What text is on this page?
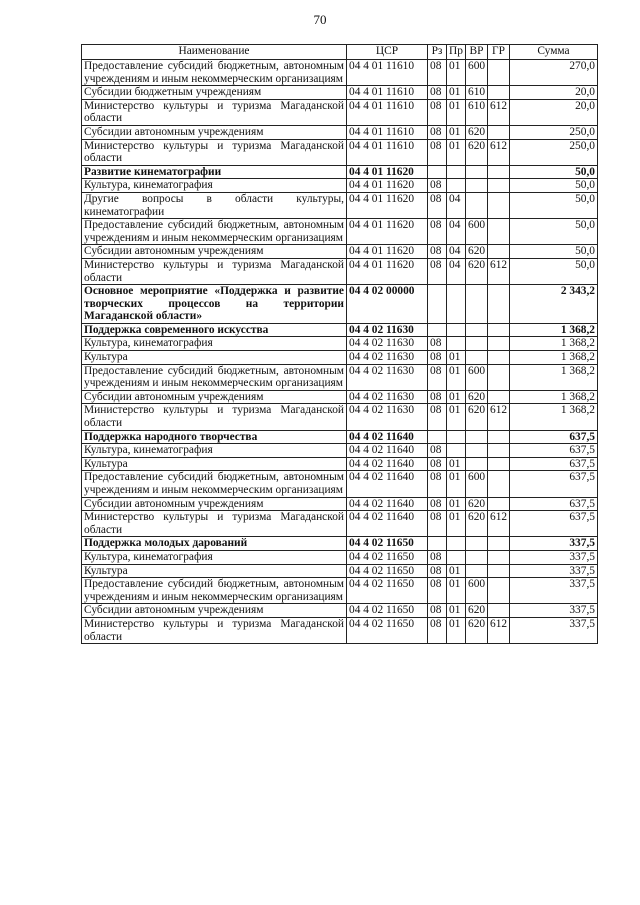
70
Наименование	ЦСР	Рз	Пр	ВР	ГР	Сумма
Предоставление субсидий бюджетным, автономным учреждениям и иным некоммерческим организациям	04 4 01 11610	08	01	600		270,0
Субсидии бюджетным учреждениям	04 4 01 11610	08	01	610		20,0
Министерство культуры и туризма Магаданской области	04 4 01 11610	08	01	610	612	20,0
Субсидии автономным учреждениям	04 4 01 11610	08	01	620		250,0
Министерство культуры и туризма Магаданской области	04 4 01 11610	08	01	620	612	250,0
Развитие кинематографии	04 4 01 11620					50,0
Культура, кинематография	04 4 01 11620	08				50,0
Другие вопросы в области культуры, кинематографии	04 4 01 11620	08	04			50,0
Предоставление субсидий бюджетным, автономным учреждениям и иным некоммерческим организациям	04 4 01 11620	08	04	600		50,0
Субсидии автономным учреждениям	04 4 01 11620	08	04	620		50,0
Министерство культуры и туризма Магаданской области	04 4 01 11620	08	04	620	612	50,0
Основное мероприятие «Поддержка и развитие творческих процессов на территории Магаданской области»	04 4 02 00000					2 343,2
Поддержка современного искусства	04 4 02 11630					1 368,2
Культура, кинематография	04 4 02 11630	08				1 368,2
Культура	04 4 02 11630	08	01			1 368,2
Предоставление субсидий бюджетным, автономным учреждениям и иным некоммерческим организациям	04 4 02 11630	08	01	600		1 368,2
Субсидии автономным учреждениям	04 4 02 11630	08	01	620		1 368,2
Министерство культуры и туризма Магаданской области	04 4 02 11630	08	01	620	612	1 368,2
Поддержка народного творчества	04 4 02 11640					637,5
Культура, кинематография	04 4 02 11640	08				637,5
Культура	04 4 02 11640	08	01			637,5
Предоставление субсидий бюджетным, автономным учреждениям и иным некоммерческим организациям	04 4 02 11640	08	01	600		637,5
Субсидии автономным учреждениям	04 4 02 11640	08	01	620		637,5
Министерство культуры и туризма Магаданской области	04 4 02 11640	08	01	620	612	637,5
Поддержка молодых дарований	04 4 02 11650					337,5
Культура, кинематография	04 4 02 11650	08				337,5
Культура	04 4 02 11650	08	01			337,5
Предоставление субсидий бюджетным, автономным учреждениям и иным некоммерческим организациям	04 4 02 11650	08	01	600		337,5
Субсидии автономным учреждениям	04 4 02 11650	08	01	620		337,5
Министерство культуры и туризма Магаданской области	04 4 02 11650	08	01	620	612	337,5
